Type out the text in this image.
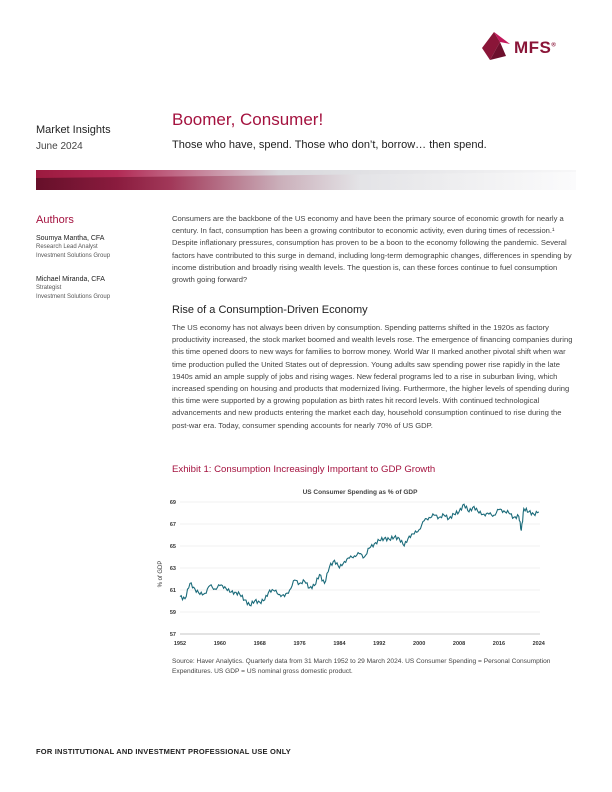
MFS®
Market Insights
June 2024
Boomer, Consumer!
Those who have, spend. Those who don’t, borrow… then spend.
Authors
Soumya Mantha, CFA
Research Lead Analyst
Investment Solutions Group
Michael Miranda, CFA
Strategist
Investment Solutions Group
Consumers are the backbone of the US economy and have been the primary source of economic growth for nearly a century. In fact, consumption has been a growing contributor to economic activity, even during times of recession.¹ Despite inflationary pressures, consumption has proven to be a boon to the economy following the pandemic. Several factors have contributed to this surge in demand, including long-term demographic changes, differences in spending by income distribution and broadly rising wealth levels. The question is, can these forces continue to fuel consumption growth going forward?
Rise of a Consumption-Driven Economy
The US economy has not always been driven by consumption. Spending patterns shifted in the 1920s as factory productivity increased, the stock market boomed and wealth levels rose. The emergence of financing companies during this time opened doors to new ways for families to borrow money. World War II marked another pivotal shift when war time production pulled the United States out of depression. Young adults saw spending power rise rapidly in the late 1940s amid an ample supply of jobs and rising wages. New federal programs led to a rise in suburban living, which increased spending on housing and products that modernized living. Furthermore, the higher levels of spending during this time were supported by a growing population as birth rates hit record levels. With continued technological advancements and new products entering the market each day, household consumption continued to rise during the post-war era. Today, consumer spending accounts for nearly 70% of US GDP.
Exhibit 1: Consumption Increasingly Important to GDP Growth
US Consumer Spending as % of GDP
57
59
61
63
65
67
69
1952	1960	1968	1976	1984	1992	2000	2008	2016	2024
% of GDP
Source: Haver Analytics. Quarterly data from 31 March 1952 to 29 March 2024. US Consumer Spending = Personal Consumption Expenditures. US GDP = US nominal gross domestic product.
FOR INSTITUTIONAL AND INVESTMENT PROFESSIONAL USE ONLY
